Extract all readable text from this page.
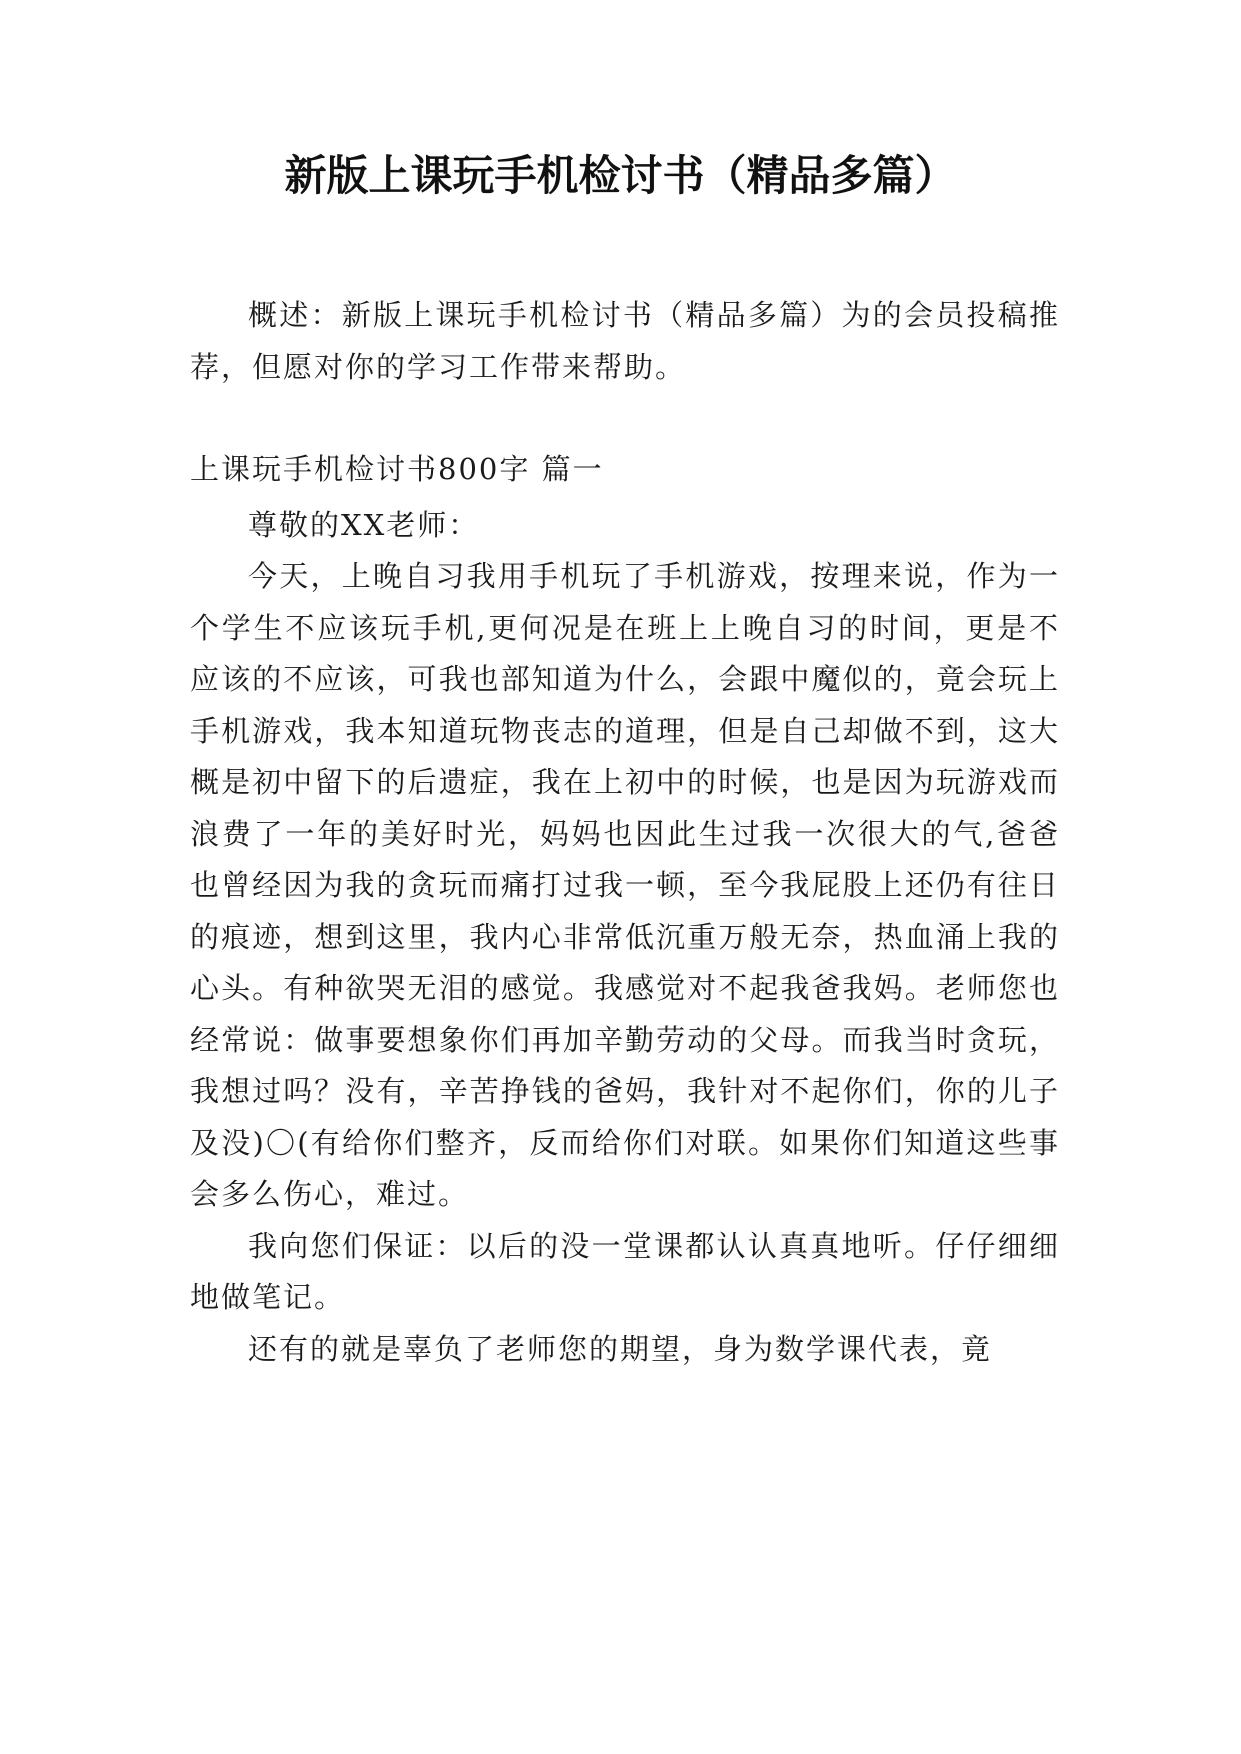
新版上课玩手机检讨书（精品多篇）

概述：新版上课玩手机检讨书（精品多篇）为的会员投稿推荐，但愿对你的学习工作带来帮助。

上课玩手机检讨书800字 篇一

尊敬的XX老师：

今天，上晚自习我用手机玩了手机游戏，按理来说，作为一个学生不应该玩手机,更何况是在班上上晚自习的时间，更是不应该的不应该，可我也部知道为什么，会跟中魔似的，竟会玩上手机游戏，我本知道玩物丧志的道理，但是自己却做不到，这大概是初中留下的后遗症，我在上初中的时候，也是因为玩游戏而浪费了一年的美好时光，妈妈也因此生过我一次很大的气,爸爸也曾经因为我的贪玩而痛打过我一顿，至今我屁股上还仍有往日的痕迹，想到这里，我内心非常低沉重万般无奈，热血涌上我的心头。有种欲哭无泪的感觉。我感觉对不起我爸我妈。老师您也经常说：做事要想象你们再加辛勤劳动的父母。而我当时贪玩，我想过吗？没有，辛苦挣钱的爸妈，我针对不起你们，你的儿子及没)〇(有给你们整齐，反而给你们对联。如果你们知道这些事会多么伤心，难过。

我向您们保证：以后的没一堂课都认认真真地听。仔仔细细地做笔记。

还有的就是辜负了老师您的期望，身为数学课代表，竟
